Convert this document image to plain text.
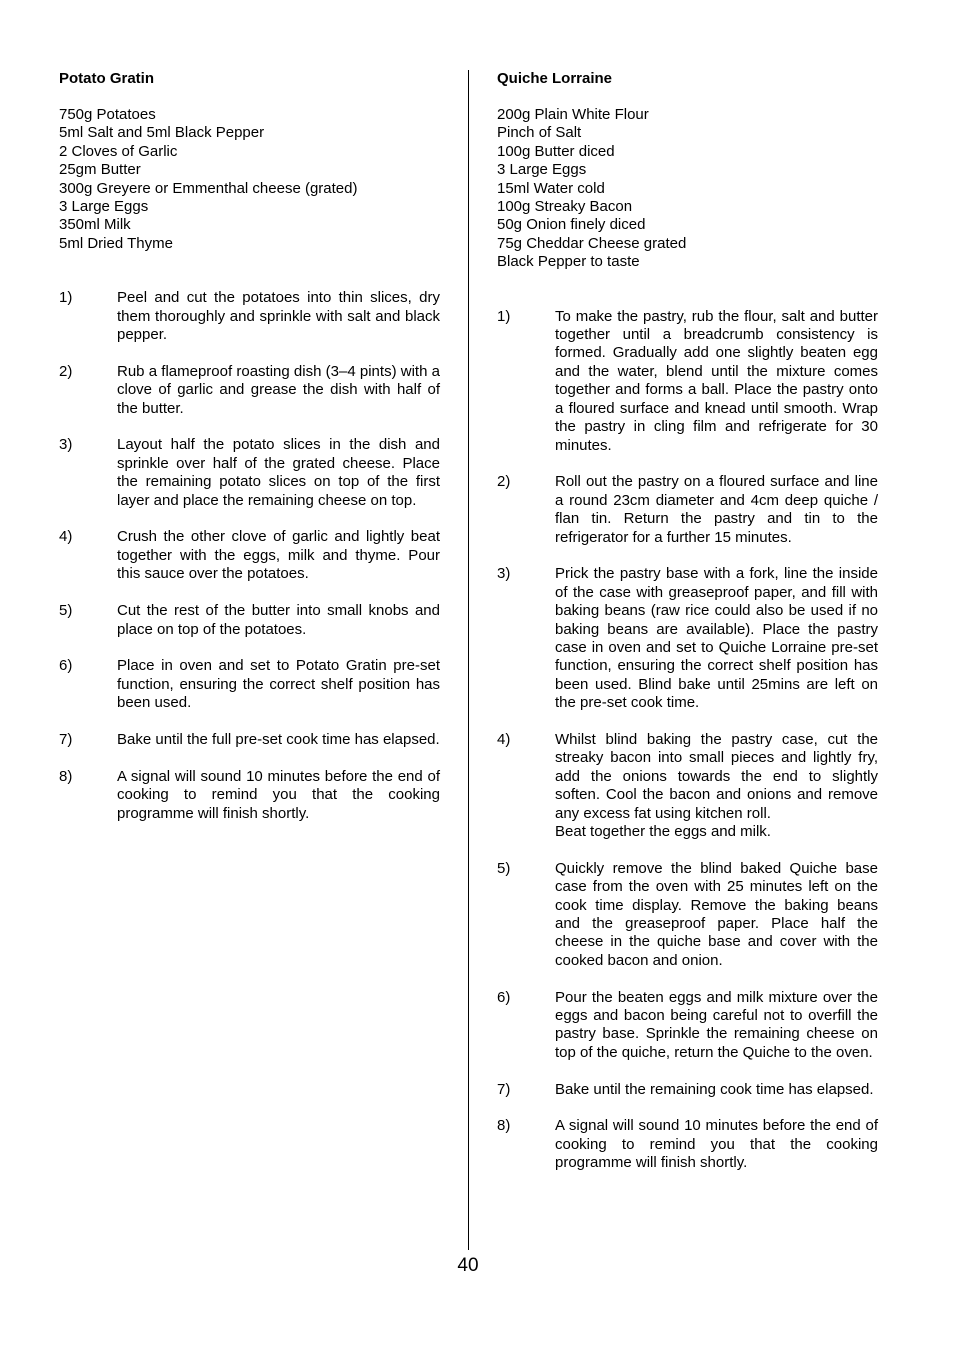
Potato Gratin
750g Potatoes
5ml Salt and 5ml Black Pepper
2 Cloves of Garlic
25gm Butter
300g Greyere or Emmenthal cheese (grated)
3 Large Eggs
350ml Milk
5ml Dried Thyme
1)	Peel and cut the potatoes into thin slices, dry them thoroughly and sprinkle with salt and black pepper.
2)	Rub a flameproof roasting dish (3–4 pints) with a clove of garlic and grease the dish with half of the butter.
3)	Layout half the potato slices in the dish and sprinkle over half of the grated cheese. Place the remaining potato slices on top of the first layer and place the remaining cheese on top.
4)	Crush the other clove of garlic and lightly beat together with the eggs, milk and thyme. Pour this sauce over the potatoes.
5)	Cut the rest of the butter into small knobs and place on top of the potatoes.
6)	Place in oven and set to Potato Gratin pre-set function, ensuring the correct shelf position has been used.
7)	Bake until the full pre-set cook time has elapsed.
8)	A signal will sound 10 minutes before the end of cooking to remind you that the cooking programme will finish shortly.
Quiche Lorraine
200g Plain White Flour
Pinch of Salt
100g Butter diced
3 Large Eggs
15ml Water cold
100g Streaky Bacon
50g Onion finely diced
75g Cheddar Cheese grated
Black Pepper to taste
1)	To make the pastry, rub the flour, salt and butter together until a breadcrumb consistency is formed. Gradually add one slightly beaten egg and the water, blend until the mixture comes together and forms a ball. Place the pastry onto a floured surface and knead until smooth. Wrap the pastry in cling film and refrigerate for 30 minutes.
2)	Roll out the pastry on a floured surface and line a round 23cm diameter and 4cm deep quiche / flan tin. Return the pastry and tin to the refrigerator for a further 15 minutes.
3)	Prick the pastry base with a fork, line the inside of the case with greaseproof paper, and fill with baking beans (raw rice could also be used if no baking beans are available). Place the pastry case in oven and set to Quiche Lorraine pre-set function, ensuring the correct shelf position has been used. Blind bake until 25mins are left on the pre-set cook time.
4)	Whilst blind baking the pastry case, cut the streaky bacon into small pieces and lightly fry, add the onions towards the end to slightly soften. Cool the bacon and onions and remove any excess fat using kitchen roll.
Beat together the eggs and milk.
5)	Quickly remove the blind baked Quiche base case from the oven with 25 minutes left on the cook time display. Remove the baking beans and the greaseproof paper. Place half the cheese in the quiche base and cover with the cooked bacon and onion.
6)	Pour the beaten eggs and milk mixture over the eggs and bacon being careful not to overfill the pastry base. Sprinkle the remaining cheese on top of the quiche, return the Quiche to the oven.
7)	Bake until the remaining cook time has elapsed.
8)	A signal will sound 10 minutes before the end of cooking to remind you that the cooking programme will finish shortly.
40
